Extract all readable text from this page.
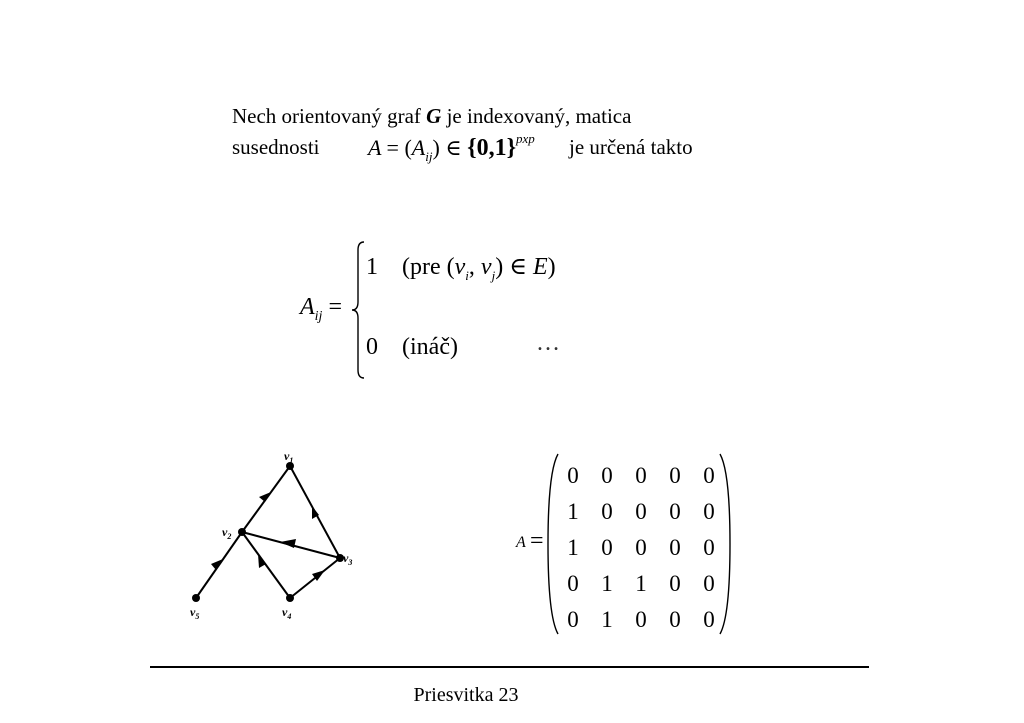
Nech orientovaný graf G je indexovaný, matica
susednosti $A = (A_{ij})$ ∈ $\{0,1\}^{pxp}$ je určená takto
$A_{ij}$ =
1 (pre ($v_i$, $v_j$) ∈ E)
0 (ináč)	…
$v_1$
$v_2$
$v_3$
$v_5$	$v_4$
A =
0 0 0 0 0
1 0 0 0 0
1 0 0 0 0
0 1 1 0 0
0 1 0 0 0
Priesvitka 23
